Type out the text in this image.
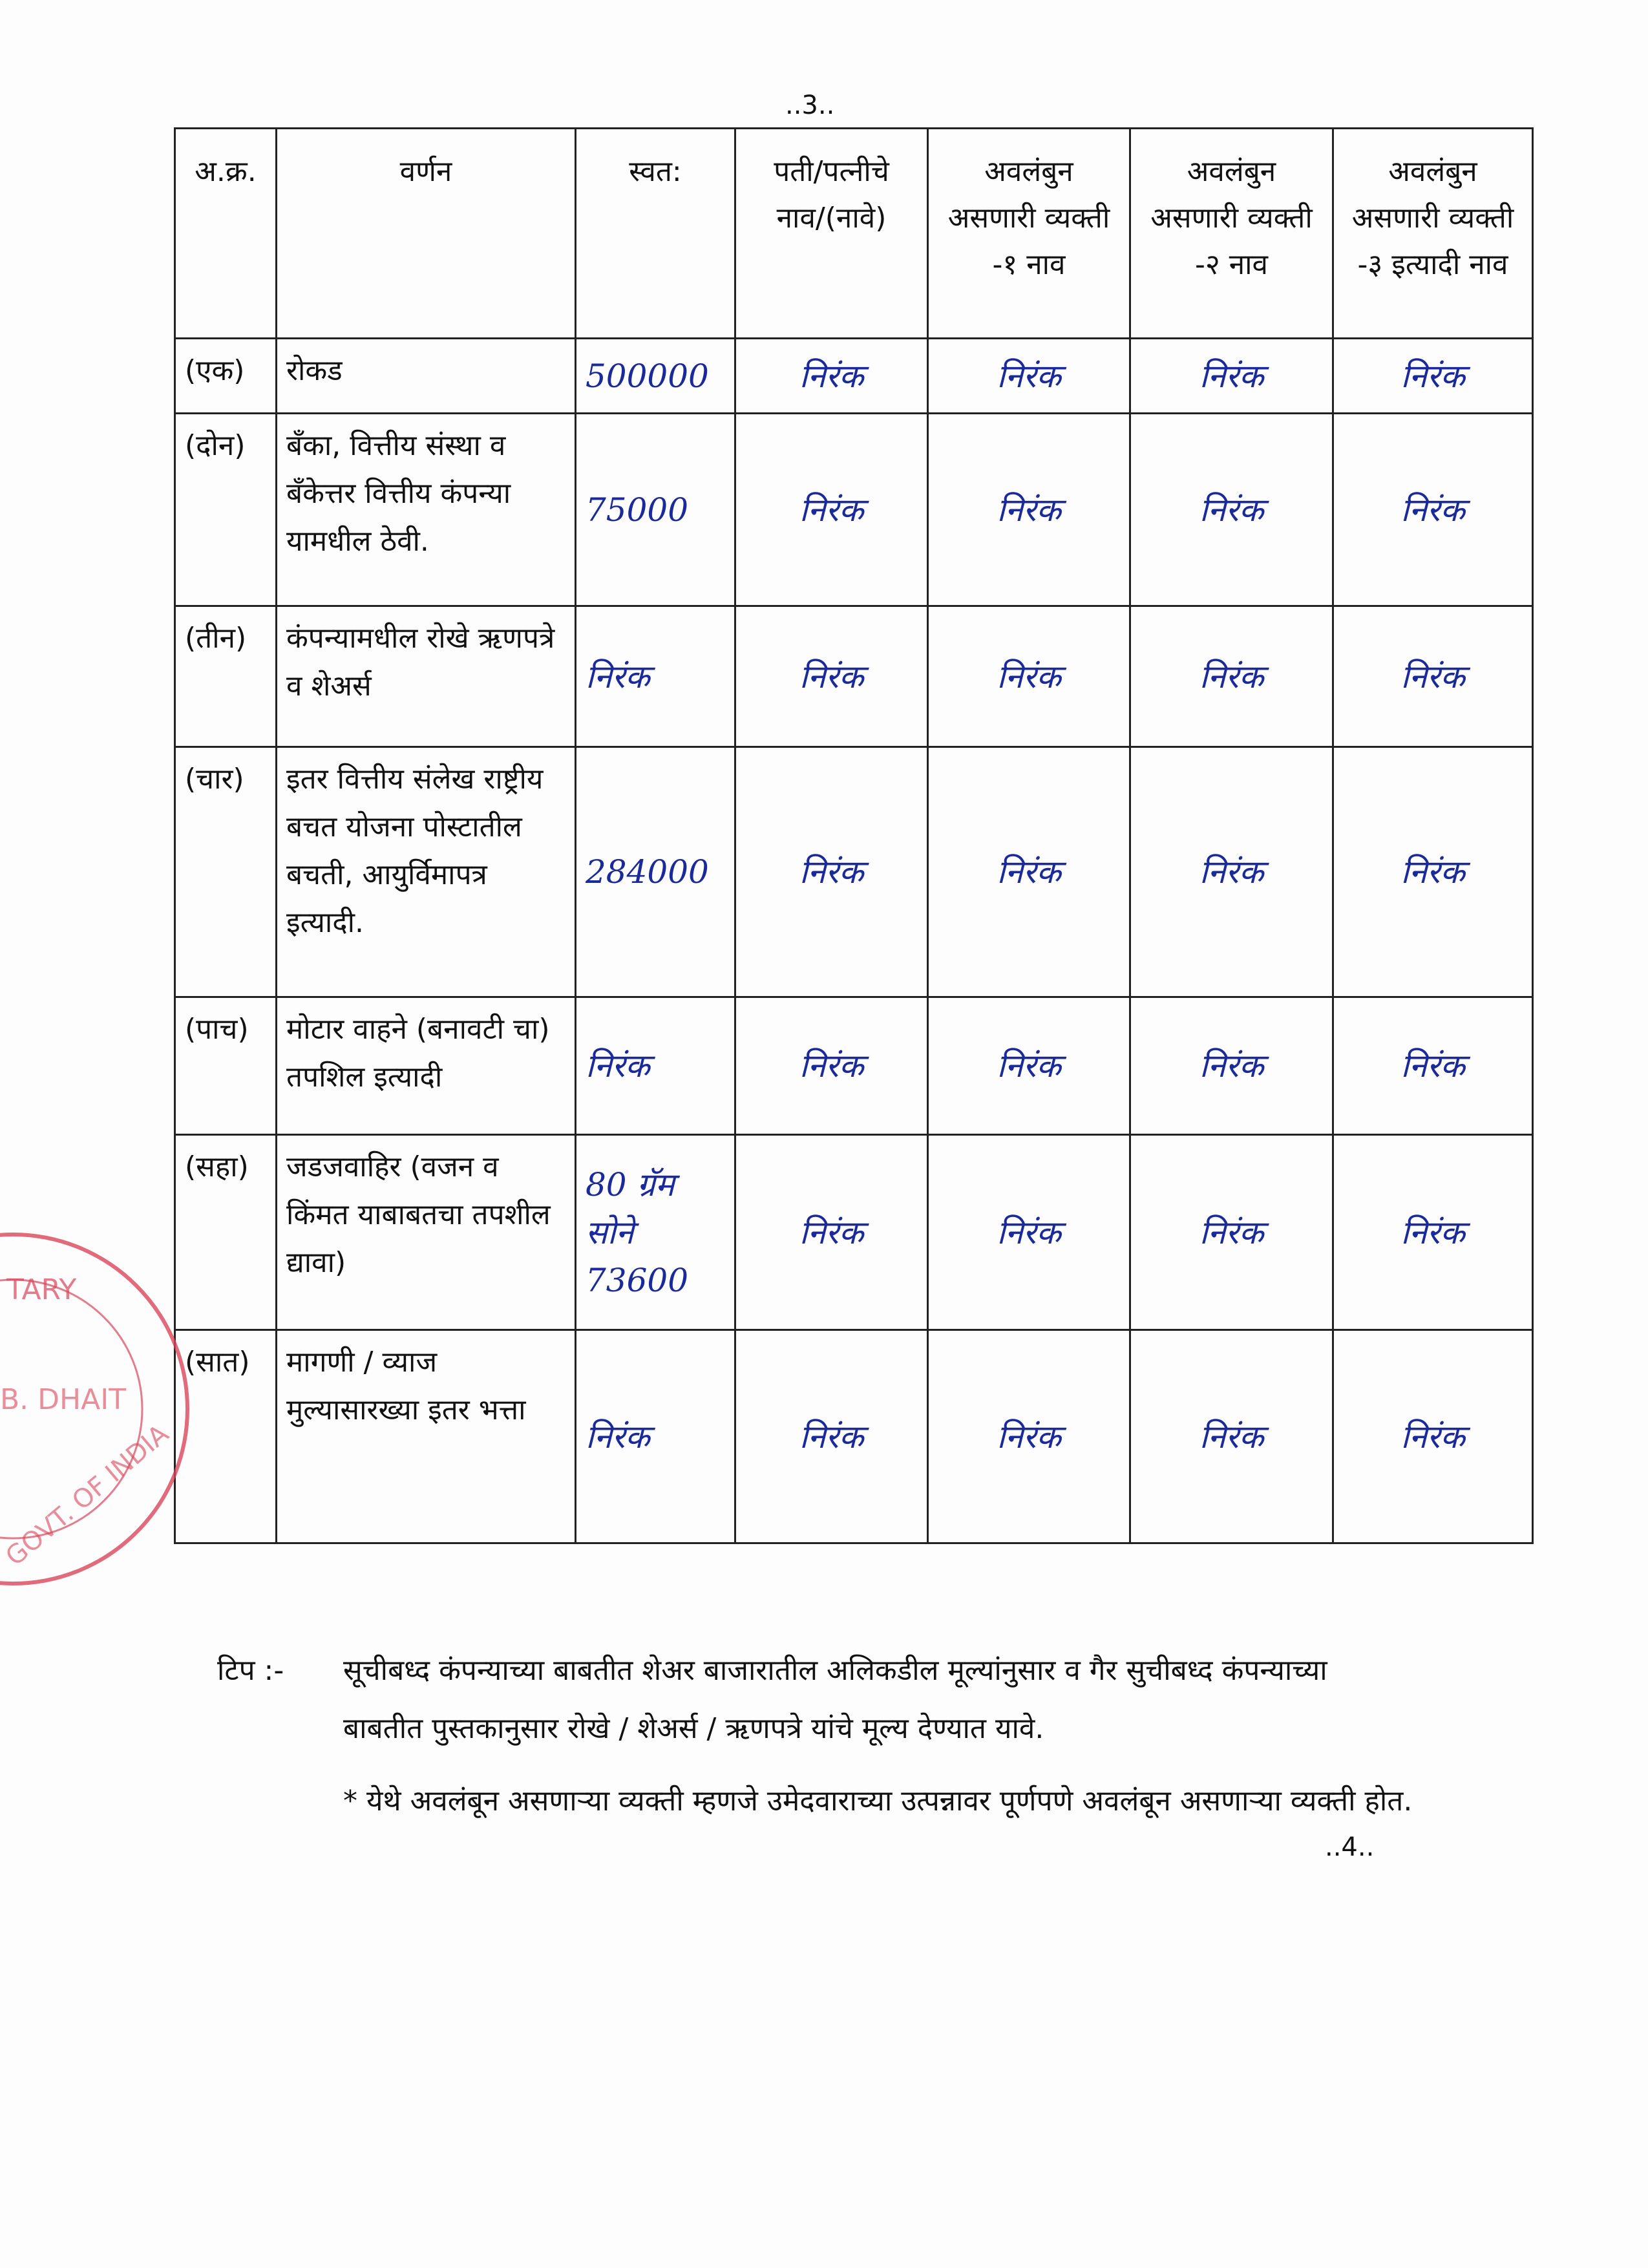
..3..
अ.क्र.	वर्णन	स्वत:	पती/पत्नीचे नाव/(नावे)	अवलंबुन असणारी व्यक्ती -१ नाव	अवलंबुन असणारी व्यक्ती -२ नाव	अवलंबुन असणारी व्यक्ती -३ इत्यादी नाव
(एक)	रोकड	500000	निरंक	निरंक	निरंक	निरंक

(दोन)	बँका, वित्तीय संस्था व बँकेत्तर वित्तीय कंपन्या यामधील ठेवी.	75000	निरंक	निरंक	निरंक	निरंक

(तीन)	कंपन्यामधील रोखे ऋणपत्रे व शेअर्स	निरंक	निरंक	निरंक	निरंक	निरंक

(चार)	इतर वित्तीय संलेख राष्ट्रीय बचत योजना पोस्टातील बचती, आयुर्विमापत्र इत्यादी.	284000	निरंक	निरंक	निरंक	निरंक

(पाच)	मोटार वाहने (बनावटी चा) तपशिल इत्यादी	निरंक	निरंक	निरंक	निरंक	निरंक

(सहा)	जडजवाहिर (वजन व किंमत याबाबतचा तपशील द्यावा)	80 ग्रॅम सोने 73600	निरंक	निरंक	निरंक	निरंक

(सात)	मागणी / व्याज मुल्यासारख्या इतर भत्ता	निरंक	निरंक	निरंक	निरंक	निरंक
टिप :- सूचीबध्द कंपन्याच्या बाबतीत शेअर बाजारातील अलिकडील मूल्यांनुसार व गैर सुचीबध्द कंपन्याच्या
बाबतीत पुस्तकानुसार रोखे / शेअर्स / ऋणपत्रे यांचे मूल्य देण्यात यावे.
* येथे अवलंबून असणाऱ्या व्यक्ती म्हणजे उमेदवाराच्या उत्पन्नावर पूर्णपणे अवलंबून असणाऱ्या व्यक्ती होत.
..4..
TARY
B. DHAIT
GOVT. OF INDIA
